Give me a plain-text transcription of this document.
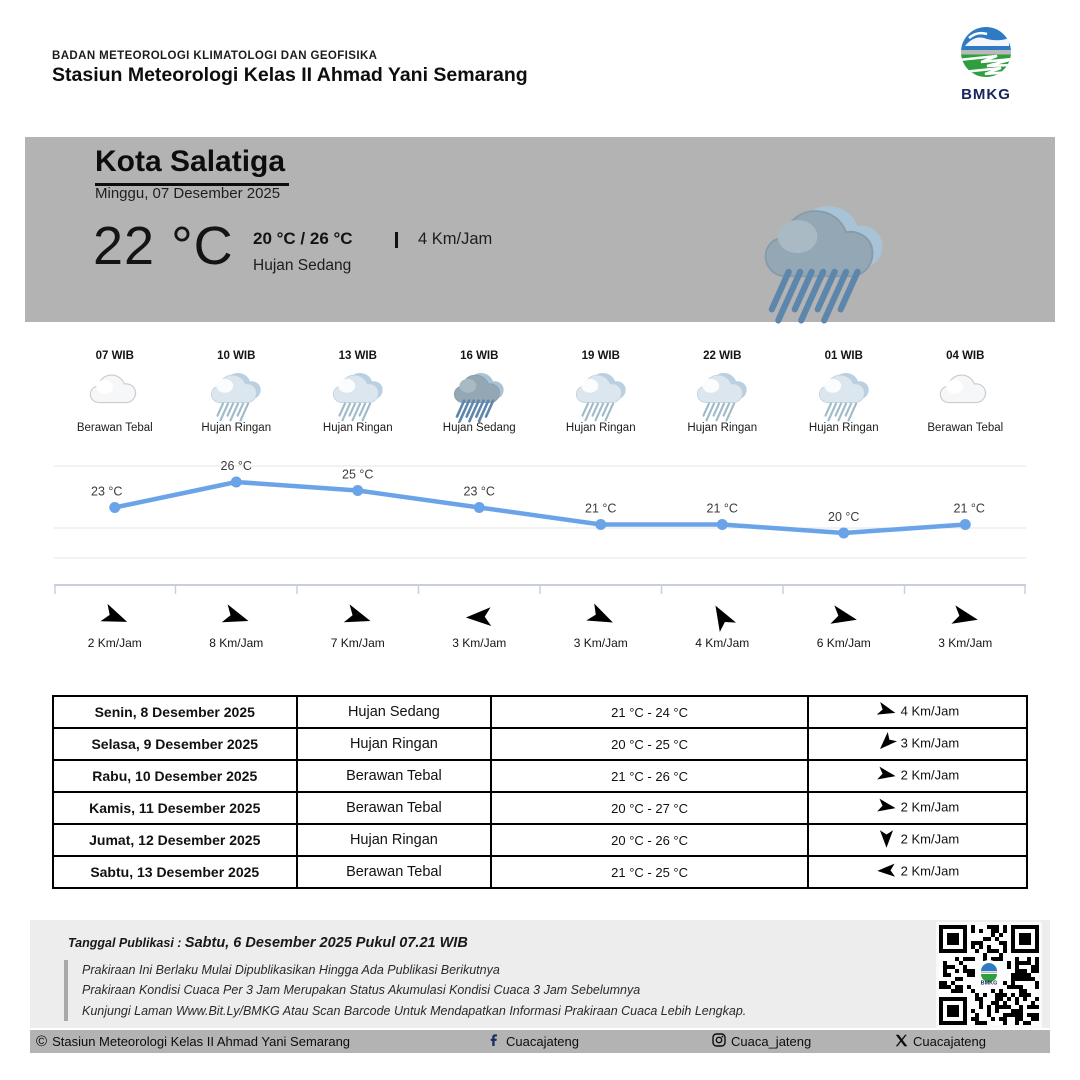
BADAN METEOROLOGI KLIMATOLOGI DAN GEOFISIKA
Stasiun Meteorologi Kelas II Ahmad Yani Semarang
BMKG
Kota Salatiga
Minggu, 07 Desember 2025
22 °C 20 °C / 26 °C
Hujan Sedang
4 Km/Jam
07 WIB
Berawan Tebal
10 WIB
Hujan Ringan
13 WIB
Hujan Ringan
16 WIB
Hujan Sedang
19 WIB
Hujan Ringan
22 WIB
Hujan Ringan
01 WIB
Hujan Ringan
04 WIB
Berawan Tebal
23 °C
26 °C
25 °C
23 °C
21 °C	21 °C
20 °C
21 °C
2 Km/Jam	8 Km/Jam	7 Km/Jam	3 Km/Jam	3 Km/Jam	4 Km/Jam	6 Km/Jam	3 Km/Jam
Senin, 8 Desember 2025	Hujan Sedang	21 °C - 24 °C	4 Km/Jam
Selasa, 9 Desember 2025	Hujan Ringan	20 °C - 25 °C	3 Km/Jam
Rabu, 10 Desember 2025	Berawan Tebal	21 °C - 26 °C	2 Km/Jam
Kamis, 11 Desember 2025	Berawan Tebal	20 °C - 27 °C	2 Km/Jam
Jumat, 12 Desember 2025	Hujan Ringan	20 °C - 26 °C	2 Km/Jam
Sabtu, 13 Desember 2025	Berawan Tebal	21 °C - 25 °C	2 Km/Jam
Tanggal Publikasi : Sabtu, 6 Desember 2025 Pukul 07.21 WIB
Prakiraan Ini Berlaku Mulai Dipublikasikan Hingga Ada Publikasi Berikutnya
Prakiraan Kondisi Cuaca Per 3 Jam Merupakan Status Akumulasi Kondisi Cuaca 3 Jam Sebelumnya
Kunjungi Laman Www.Bit.Ly/BMKG Atau Scan Barcode Untuk Mendapatkan Informasi Prakiraan Cuaca Lebih Lengkap.
BMKG
© Stasiun Meteorologi Kelas II Ahmad Yani Semarang	Cuacajateng	Cuaca_jateng	Cuacajateng
